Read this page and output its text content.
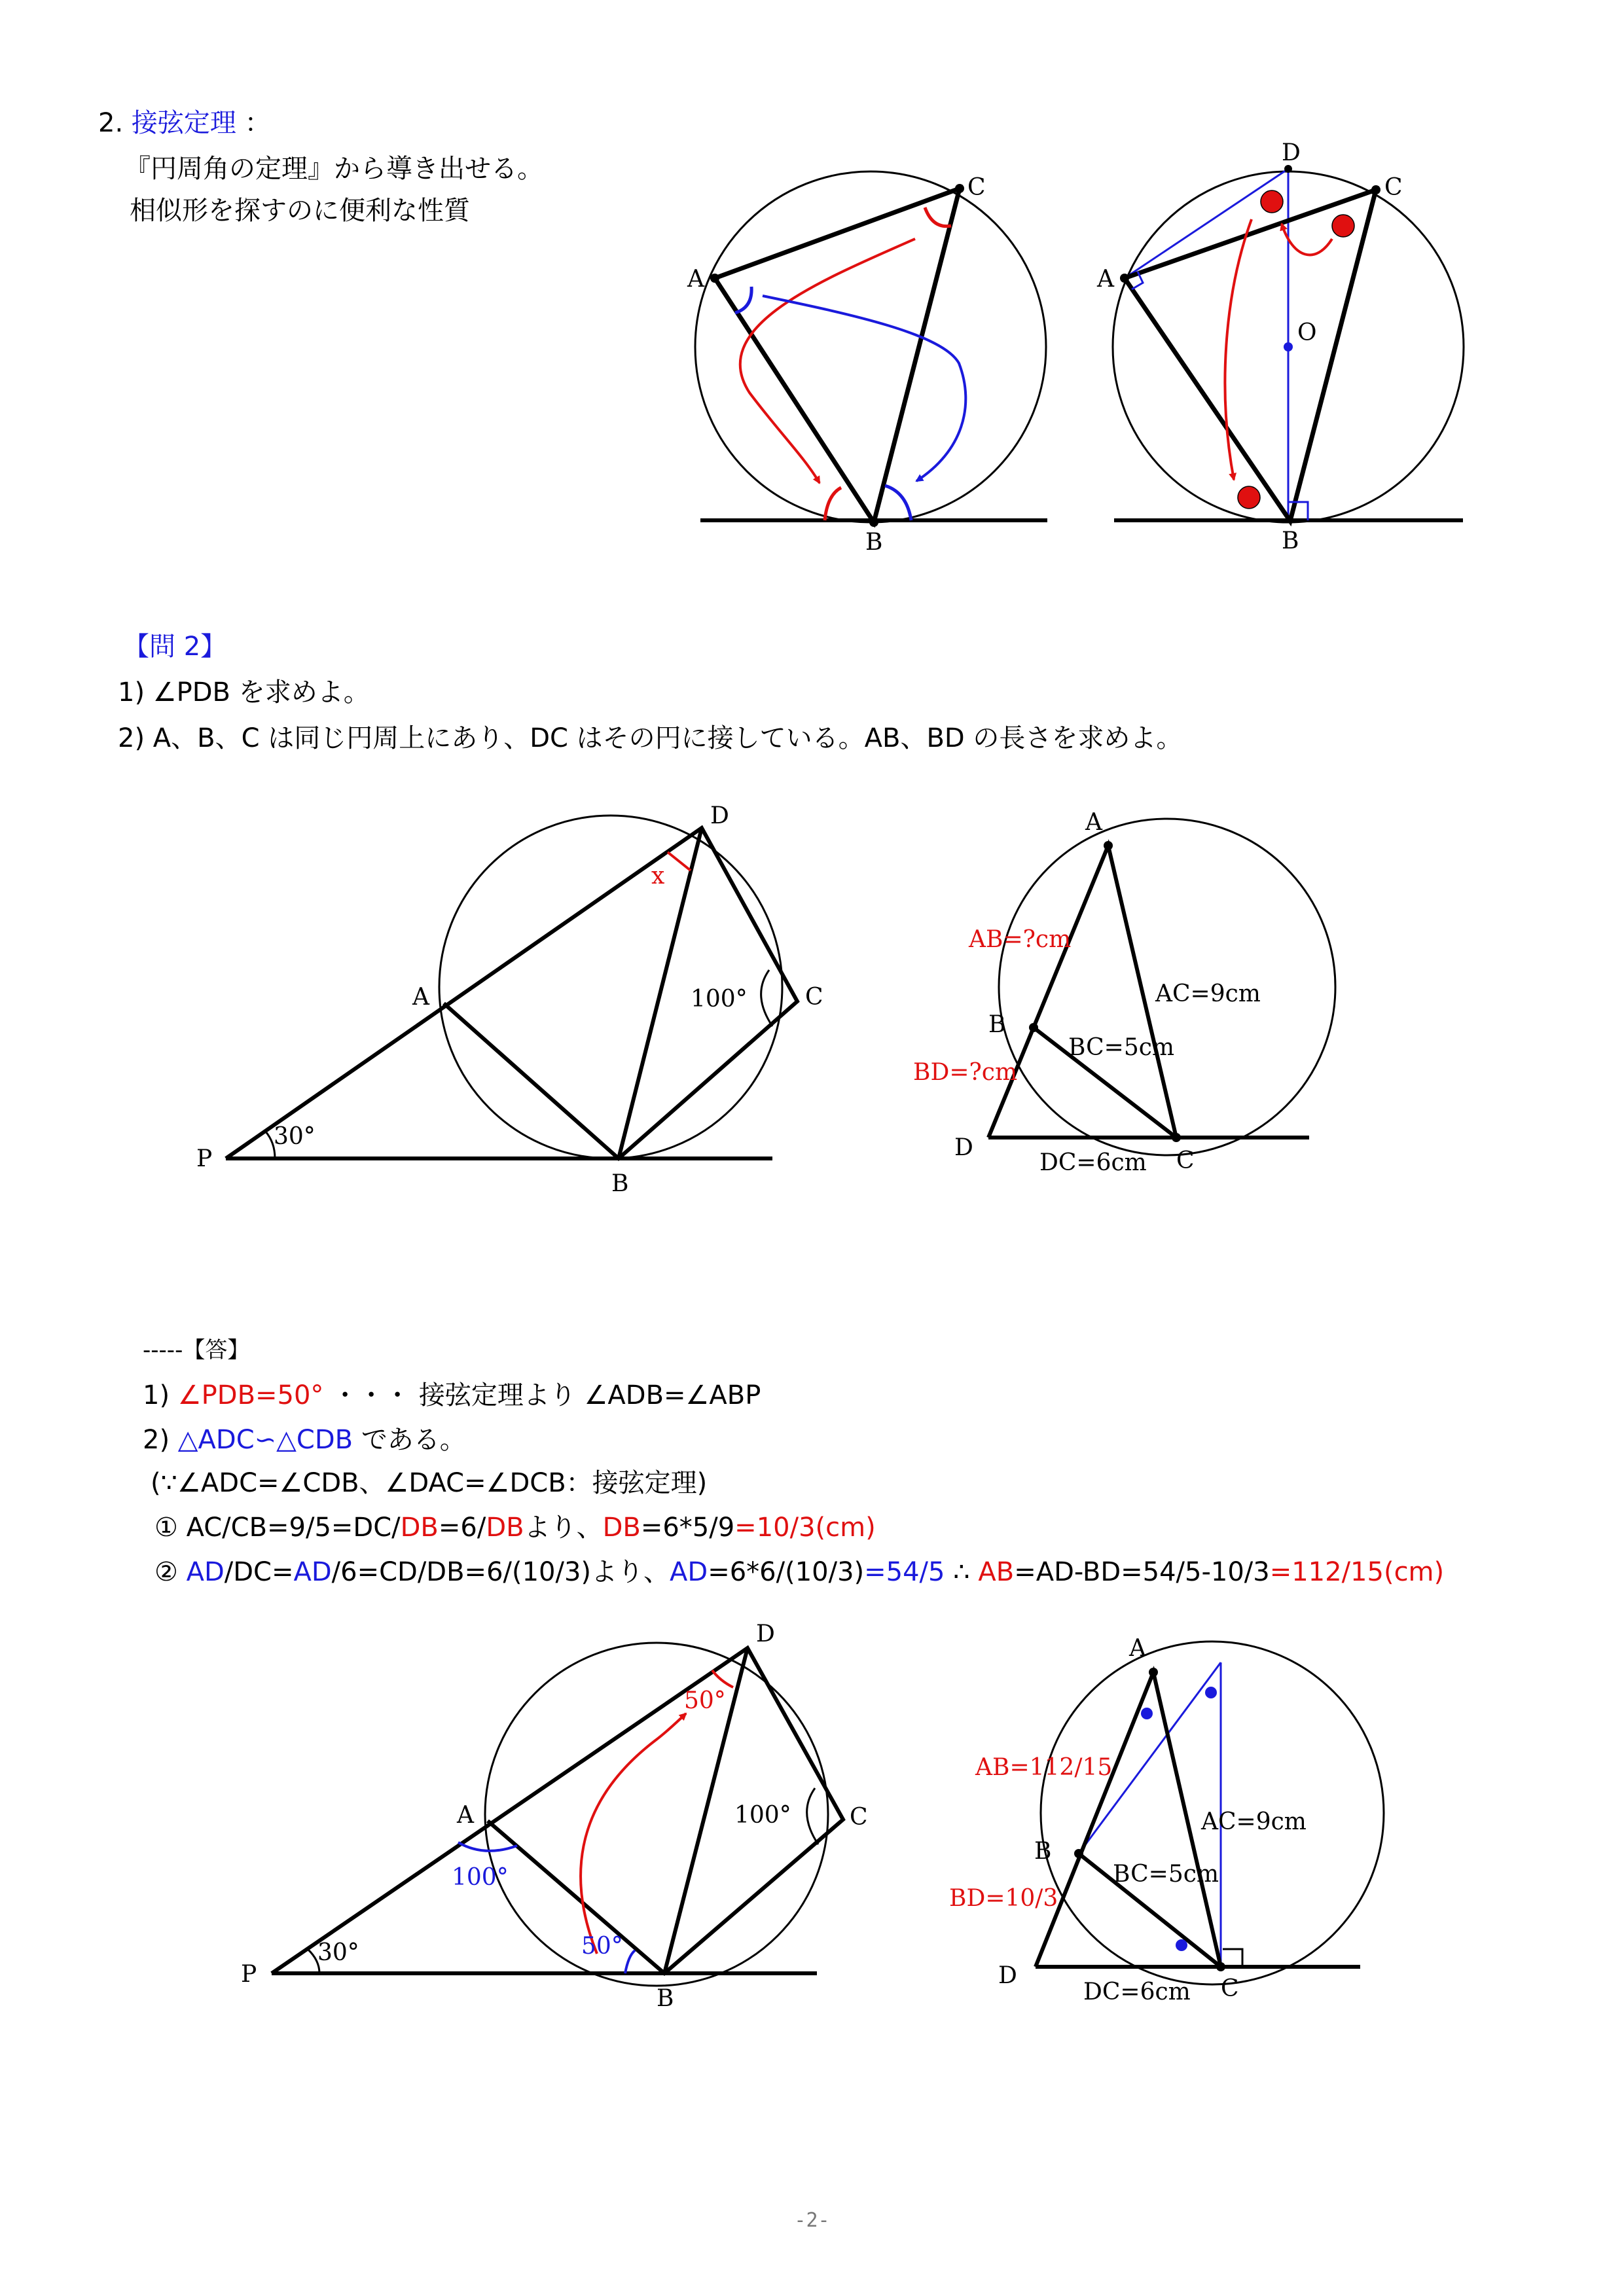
2. 接弦定理 ：
『円周角の定理』から導き出せる。
相似形を探すのに便利な性質
【問 2】
1) ∠PDB を求めよ。
2) A、B、C は同じ円周上にあり、DC はその円に接している。AB、BD の長さを求めよ。
-----【答】
1) ∠PDB=50° ・・・ 接弦定理より ∠ADB=∠ABP
2) △ADC∽△CDB である。
(∵∠ADC=∠CDB、∠DAC=∠DCB：接弦定理)
① AC/CB=9/5=DC/DB=6/DBより、DB=6*5/9=10/3(cm)
② AD/DC=AD/6=CD/DB=6/(10/3)より、AD=6*6/(10/3)=54/5 ∴ AB=AD-BD=54/5-10/3=112/15(cm)
-2-
A
C
B
A
D
C
O
B
x
100°
30°
P
A
B
C
D	A
B
D	C
AB=?cm
BD=?cm
AC=9cm
BC=5cm
DC=6cm
50°
100°
100°
50°
30°
P
A
B
C
D
A
B
D	C
AB=112/15
BD=10/3
AC=9cm
BC=5cm
DC=6cm
